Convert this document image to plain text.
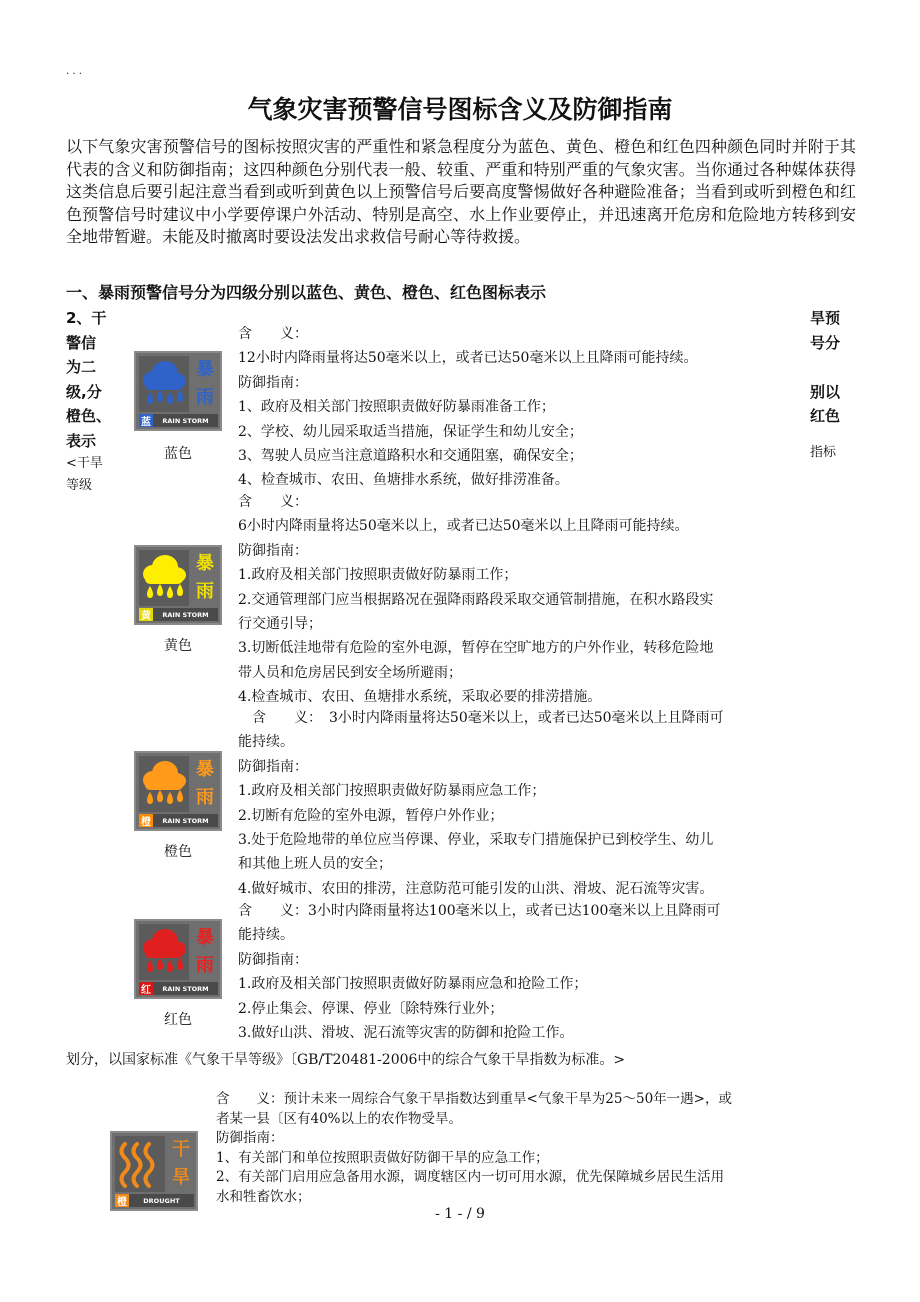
. . .
气象灾害预警信号图标含义及防御指南
以下气象灾害预警信号的图标按照灾害的严重性和紧急程度分为蓝色、黄色、橙色和红色四种颜色同时并附于其代表的含义和防御指南；这四种颜色分别代表一般、较重、严重和特别严重的气象灾害。当你通过各种媒体获得这类信息后要引起注意当看到或听到黄色以上预警信号后要高度警惕做好各种避险准备；当看到或听到橙色和红色预警信号时建议中小学要停课户外活动、特别是高空、水上作业要停止，并迅速离开危房和危险地方转移到安全地带暂避。未能及时撤离时要设法发出求救信号耐心等待救援。
一、暴雨预警信号分为四级分别以蓝色、黄色、橙色、红色图标表示
2、干
警信
为二
级,分
橙色、
表示
<干旱
等级
旱预
号分

别以
红色
指标
暴
雨
蓝	RAIN STORM
蓝色
含　　义：
12小时内降雨量将达50毫米以上，或者已达50毫米以上且降雨可能持续。
防御指南：
1、政府及相关部门按照职责做好防暴雨准备工作；
2、学校、幼儿园采取适当措施，保证学生和幼儿安全；
3、驾驶人员应当注意道路积水和交通阻塞，确保安全；
4、检查城市、农田、鱼塘排水系统，做好排涝准备。
暴
雨
黄	RAIN STORM
黄色
含　　义：
6小时内降雨量将达50毫米以上，或者已达50毫米以上且降雨可能持续。
防御指南：
1.政府及相关部门按照职责做好防暴雨工作；
2.交通管理部门应当根据路况在强降雨路段采取交通管制措施，在积水路段实
行交通引导；
3.切断低洼地带有危险的室外电源，暂停在空旷地方的户外作业，转移危险地
带人员和危房居民到安全场所避雨；
4.检查城市、农田、鱼塘排水系统，采取必要的排涝措施。
暴
雨
橙	RAIN STORM
橙色
　含　　义：　3小时内降雨量将达50毫米以上，或者已达50毫米以上且降雨可
能持续。
防御指南：
1.政府及相关部门按照职责做好防暴雨应急工作；
2.切断有危险的室外电源，暂停户外作业；
3.处于危险地带的单位应当停课、停业，采取专门措施保护已到校学生、幼儿
和其他上班人员的安全；
4.做好城市、农田的排涝，注意防范可能引发的山洪、滑坡、泥石流等灾害。
暴
雨
红	RAIN STORM
红色
含　　义：3小时内降雨量将达100毫米以上，或者已达100毫米以上且降雨可
能持续。
防御指南：
1.政府及相关部门按照职责做好防暴雨应急和抢险工作；
2.停止集会、停课、停业〔除特殊行业外；
3.做好山洪、滑坡、泥石流等灾害的防御和抢险工作。
划分，以国家标准《气象干旱等级》〔GB/T20481-2006中的综合气象干旱指数为标准。>
干
旱
橙	DROUGHT
含　　义：预计未来一周综合气象干旱指数达到重旱<气象干旱为25～50年一遇>，或
者某一县〔区有40%以上的农作物受旱。
防御指南：
1、有关部门和单位按照职责做好防御干旱的应急工作；
2、有关部门启用应急备用水源，调度辖区内一切可用水源，优先保障城乡居民生活用
水和牲畜饮水；
- 1 - / 9
